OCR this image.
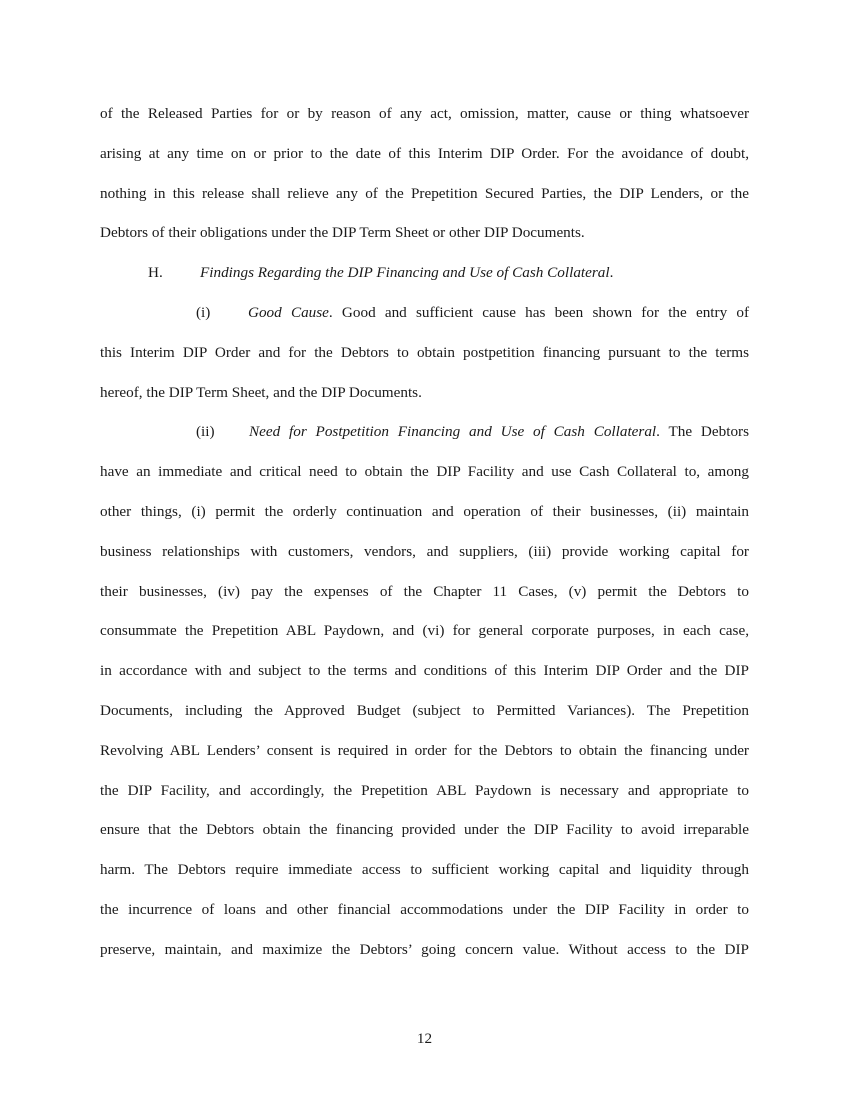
of the Released Parties for or by reason of any act, omission, matter, cause or thing whatsoever
arising at any time on or prior to the date of this Interim DIP Order. For the avoidance of doubt,
nothing in this release shall relieve any of the Prepetition Secured Parties, the DIP Lenders, or the
Debtors of their obligations under the DIP Term Sheet or other DIP Documents.
H. Findings Regarding the DIP Financing and Use of Cash Collateral.
(i) Good Cause. Good and sufficient cause has been shown for the entry of
this Interim DIP Order and for the Debtors to obtain postpetition financing pursuant to the terms
hereof, the DIP Term Sheet, and the DIP Documents.
(ii) Need for Postpetition Financing and Use of Cash Collateral. The Debtors
have an immediate and critical need to obtain the DIP Facility and use Cash Collateral to, among
other things, (i) permit the orderly continuation and operation of their businesses, (ii) maintain
business relationships with customers, vendors, and suppliers, (iii) provide working capital for
their businesses, (iv) pay the expenses of the Chapter 11 Cases, (v) permit the Debtors to
consummate the Prepetition ABL Paydown, and (vi) for general corporate purposes, in each case,
in accordance with and subject to the terms and conditions of this Interim DIP Order and the DIP
Documents, including the Approved Budget (subject to Permitted Variances). The Prepetition
Revolving ABL Lenders’ consent is required in order for the Debtors to obtain the financing under
the DIP Facility, and accordingly, the Prepetition ABL Paydown is necessary and appropriate to
ensure that the Debtors obtain the financing provided under the DIP Facility to avoid irreparable
harm. The Debtors require immediate access to sufficient working capital and liquidity through
the incurrence of loans and other financial accommodations under the DIP Facility in order to
preserve, maintain, and maximize the Debtors’ going concern value. Without access to the DIP
12
